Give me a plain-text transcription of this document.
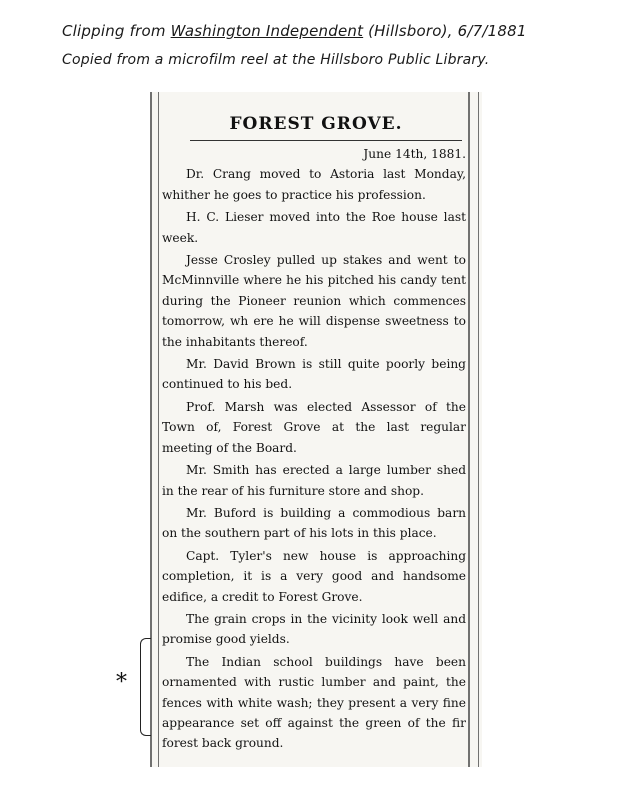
Clipping from Washington Independent (Hillsboro), 6/7/1881
Copied from a microfilm reel at the Hillsboro Public Library.
FOREST GROVE.
June 14th, 1881.

Dr. Crang moved to Astoria last Monday, whither he goes to practice his profession.

H. C. Lieser moved into the Roe house last week.

Jesse Crosley pulled up stakes and went to McMinnville where he his pitched his candy tent during the Pioneer reunion which commences tomorrow, wh ere he will dispense sweetness to the inhabitants thereof.

Mr. David Brown is still quite poorly being continued to his bed.

Prof. Marsh was elected Assessor of the Town of, Forest Grove at the last regular meeting of the Board.

Mr. Smith has erected a large lumber shed in the rear of his furniture store and shop.

Mr. Buford is building a commodious barn on the southern part of his lots in this place.

Capt. Tyler's new house is approaching completion, it is a very good and handsome edifice, a credit to Forest Grove.

The grain crops in the vicinity look well and promise good yields.

The Indian school buildings have been ornamented with rustic lumber and paint, the fences with white wash; they present a very fine appearance set off against the green of the fir forest back ground.

*
